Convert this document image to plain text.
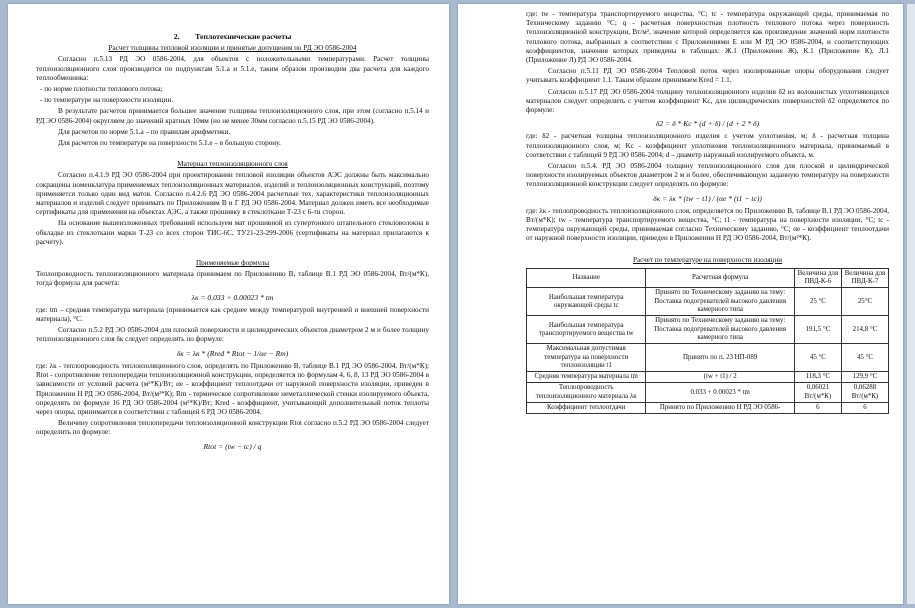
2.  Теплотехнические расчеты

Расчет толщины тепловой изоляции и принятые допущения по РД ЭО 0586-2004

Согласно п.5.13 РД ЭО 0586-2004, для объектов с положительными температурами. Расчет толщины теплоизоляционного слоя производится по подпунктам 5.1.а и 5.1.е, таким образом производим два расчета для каждого теплообменника:

- по норме плотности теплового потока;

- по температуре на поверхности изоляции.

В результате расчетов принимается большее значение толщины теплоизоляционного слоя, при этом (согласно п.5.14 и РД ЭО 0586-2004) округляем до значений кратных 10мм (но не менее 30мм согласно п.5.15 РД ЭО 0586-2004).

Для расчетов по норме 5.1.а – по правилам арифметики.

Для расчетов по температуре на поверхности 5.1.е – в большую сторону.

Материал теплоизоляционного слоя

Согласно п.4.1.9 РД ЭО 0586-2004 при проектировании тепловой изоляции объектов АЭС должны быть максимально сокращены номенклатура применяемых теплоизоляционных материалов, изделий и теплоизоляционных конструкций, поэтому применяется только один вид матов. Согласно п.4.2.6 РД ЭО 0586-2004 расчетные тех. характеристики теплоизоляционных материалов и изделий следует принимать по Приложениям В и Г РД ЭО 0586-2004. Материал должен иметь все необходимые сертификаты для применения на объектах АЭС, а также прошивку в стеклоткани Т-23 с 6-ти сторон.

На основание вышеизложенных требований используем мат прошивной из супертонкого штапельного стекловолокна в обкладке из стеклоткани марки Т-23 со всех сторон ТИС-6С, ТУ21-23-299-2006 (сертификаты на материал прилагаются к расчету).

Применяемые формулы

Теплопроводность теплоизоляционного материала принимаем по Приложению В, таблице В.1 РД ЭО 0586-2004, Вт/(м*К), тогда формула для расчета:

λк = 0.033 + 0.00023 * tm

где: tm – средняя температура материала (принимается как среднее между температурой внутренней и внешней поверхности материала), °С.

Согласно п.5.2 РД ЭО 0586-2004 для плоской поверхности и цилиндрических объектов диаметром 2 м и более толщину теплоизоляционного слоя δк следует определять по формуле:

δк = λк * (Rred * Rtot − 1/αe − Rm)

где: λк - теплопроводность теплоизоляционного слоя, определять по Приложению В, таблице В.1 РД ЭО 0586-2004, Вт/(м*К); Rtot - сопротивление теплопередачи теплоизоляционной конструкции, определяется по формулам 4, 6, 8, 13 РД ЭО 0586-2004 в зависимости от условий расчета (м²*К)/Вт; αe - коэффициент теплоотдачи от наружной поверхности изоляции, приведен в Приложении Н РД ЭО 0586-2004, Вт/(м²*К); Rm - термическое сопротивление неметаллической стенки изолируемого объекта, определять по формуле 16 РД ЭО 0586-2004 (м²*К)/Вт; Kred - коэффициент, учитывающий дополнительный поток теплоты через опоры, принимается в соответствии с таблицей 6 РД ЭО 0586-2004.

Величину сопротивления теплопередачи теплоизоляционной конструкции Rtot согласно п.5.2 РД ЭО 0586-2004 следует определить по формуле:

Rtot = (tw − tc) / q

где: tw - температура транспортируемого вещества, °С; tc - температура окружающей среды, принимаемая по Техническому заданию °С; q - расчетная поверхностная плотность теплового потока через поверхность теплоизоляционной конструкции, Вт/м², значение которой определяется как произведение значений норм плотности теплового потока, выбранных в соответствии с Приложениями Е или М РД ЭО 0586-2004, и соответствующих коэффициентов, значения которых приведены в таблицах: Ж.1 (Приложение Ж), К.1 (Приложение К), Л.1 (Приложение Л) РД ЭО 0586-2004.

Согласно п.5.11 РД ЭО 0586-2004 Тепловой поток через изолированные опоры оборудования следует учитывать коэффициент 1.1. Таким образом принимаем Kred = 1.1.

Согласно п.5.17 РД ЭО 0586-2004 толщину теплоизоляционного изделия δ2 из волокнистых уплотняющихся материалов следует определить с учетом коэффициент Kc, для цилиндрических поверхностей δ2 определяется по формуле:

δ2 = δ * Kc * (d + δ) / (d + 2 * δ)

где: δ2 - расчетная толщина теплоизоляционного изделия с учетом уплотнения, м; δ - расчетная толщина теплоизоляционного слоя, м; Kc - коэффициент уплотнения теплоизоляционного материала, принимаемый в соответствии с таблицей 9 РД ЭО 0586-2004; d – диаметр наружный изолируемого объекта, м.

Согласно п.5.4. РД ЭО 0586-2004 толщину теплоизоляционного слоя для плоской и цилиндрической поверхности изолируемых объектов диаметром 2 м и более, обеспечивающую заданную температуру на поверхности теплоизоляционной конструкции следует определять по формуле:

δк = λк * (tw − t1) / (αe * (t1 − tc))

где: λк - теплопроводность теплоизоляционного слоя, определяется по Приложению В, таблице В.1 РД ЭО 0586-2004, Вт/(м*К); tw - температура транспортируемого вещества, °С; t1 - температура на поверхности изоляции, °С; tc - температура окружающей среды, принимаемая согласно Техническому заданию, °С; αe - коэффициент теплоотдачи от наружной поверхности изоляции, приведен в Приложении Н РД ЭО 0586-2004, Вт/(м²*К).

Расчет по температуре на поверхности изоляции

Название	Расчетная формула	Величина для ПВД-К-6	Величина для ПВД-К-7
Наибольшая температура окружающей среды tc	Принято по Техническому заданию на тему: Поставка подогревателей высокого давления камерного типа	25 °С	25°С
Наибольшая температура транспортируемого вещества tw	Принято по Техническому заданию на тему: Поставка подогревателей высокого давления камерного типа	191,5 °С	214,8 °С
Максимальная допустимая температура на поверхности теплоизоляции t1	Принято по п. 23 НП-089	45 °С	45 °С
Средняя температура материала tm	(tw + t1) / 2	118,3 °С	129,9 °С
Теплопроводность теплоизоляционного материала λк	0.033 + 0.00023 * tm	0,06021 Вт/(м*К)	0,06288 Вт/(м*К)
Коэффициент теплоотдачи	Принято по Приложению Н РД ЭО 0586-	6	6
